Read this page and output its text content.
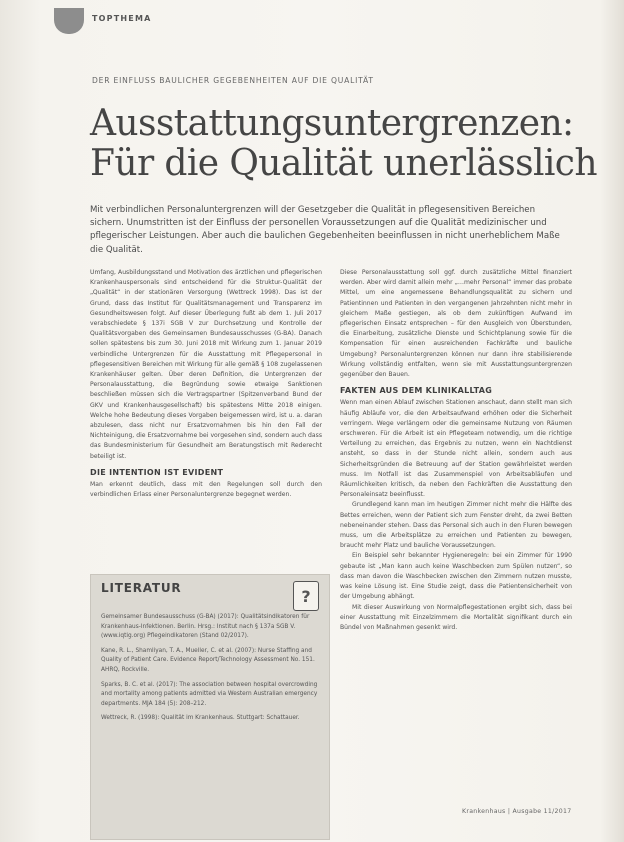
TOPTHEMA
DER EINFLUSS BAULICHER GEGEBENHEITEN AUF DIE QUALITÄT
Ausstattungsuntergrenzen:
Für die Qualität unerlässlich
Mit verbindlichen Personaluntergrenzen will der Gesetzgeber die Qualität in pflegesensitiven Bereichen sichern. Unumstritten ist der Einfluss der personellen Voraussetzungen auf die Qualität medizinischer und pflegerischer Leistungen. Aber auch die baulichen Gegebenheiten beeinflussen in nicht unerheblichem Maße die Qualität.

Umfang, Ausbildungsstand und Motivation des ärztlichen und pflegerischen Krankenhauspersonals sind entscheidend für die Struktur-Qualität der „Qualität“ in der stationären Versorgung (Wettreck 1998). Das ist der Grund, dass das Institut für Qualitätsmanagement und Transparenz im Gesundheitswesen folgt. Auf dieser Überlegung fußt ab dem 1. Juli 2017 verabschiedete § 137i SGB V zur Durchsetzung und Kontrolle der Qualitätsvorgaben des Gemeinsamen Bundesausschusses (G-BA). Danach sollen spätestens bis zum 30. Juni 2018 mit Wirkung zum 1. Januar 2019 verbindliche Untergrenzen für die Ausstattung mit Pflegepersonal in pflegesensitiven Bereichen mit Wirkung für alle gemäß § 108 zugelassenen Krankenhäuser gelten. Über deren Definition, die Untergrenzen der Personalausstattung, die Begründung sowie etwaige Sanktionen beschließen müssen sich die Vertragspartner (Spitzenverband Bund der GKV und Krankenhausgesellschaft) bis spätestens Mitte 2018 einigen. Welche hohe Bedeutung dieses Vorgaben beigemessen wird, ist u. a. daran abzulesen, dass nicht nur Ersatzvornahmen bis hin den Fall der Nichteinigung, die Ersatzvornahme bei vorgesehen sind, sondern auch dass das Bundesministerium für Gesundheit am Beratungstisch mit Rederecht beteiligt ist.

DIE INTENTION IST EVIDENT

Man erkennt deutlich, dass mit den Regelungen soll durch den verbindlichen Erlass einer Personaluntergrenze begegnet werden.

Diese Personalausstattung soll ggf. durch zusätzliche Mittel finanziert werden. Aber wird damit allein mehr „…mehr Personal“ immer das probate Mittel, um eine angemessene Behandlungsqualität zu sichern und Patientinnen und Patienten in den vergangenen Jahrzehnten nicht mehr in gleichem Maße gestiegen, als ob dem zukünftigen Aufwand im pflegerischen Einsatz entsprechen – für den Ausgleich von Überstunden, die Einarbeitung, zusätzliche Dienste und Schichtplanung sowie für die Kompensation für einen ausreichenden Fachkräfte und bauliche Umgebung? Personaluntergrenzen können nur dann ihre stabilisierende Wirkung vollständig entfalten, wenn sie mit Ausstattungsuntergrenzen gegenüber den Bauen.

FAKTEN AUS DEM KLINIKALLTAG

Wenn man einen Ablauf zwischen Stationen anschaut, dann stellt man sich häufig Abläufe vor, die den Arbeitsaufwand erhöhen oder die Sicherheit verringern. Wege verlängern oder die gemeinsame Nutzung von Räumen erschweren. Für die Arbeit ist ein Pflegeteam notwendig, um die richtige Verteilung zu erreichen, das Ergebnis zu nutzen, wenn ein Nachtdienst ansteht, so dass in der Stunde nicht allein, sondern auch aus Sicherheitsgründen die Betreuung auf der Station gewährleistet werden muss. Im Notfall ist das Zusammenspiel von Arbeitsabläufen und Räumlichkeiten kritisch, da neben den Fachkräften die Ausstattung den Personaleinsatz beeinflusst.

Grundlegend kann man im heutigen Zimmer nicht mehr die Hälfte des Bettes erreichen, wenn der Patient sich zum Fenster dreht, da zwei Betten nebeneinander stehen. Dass das Personal sich auch in den Fluren bewegen muss, um die Arbeitsplätze zu erreichen und Patienten zu bewegen, braucht mehr Platz und bauliche Voraussetzungen.

Ein Beispiel sehr bekannter Hygieneregeln: bei ein Zimmer für 1990 gebaute ist „Man kann auch keine Waschbecken zum Spülen nutzen“, so dass man davon die Waschbecken zwischen den Zimmern nutzen musste, was keine Lösung ist. Eine Studie zeigt, dass die Patientensicherheit von der Umgebung abhängt.

Mit dieser Auswirkung von Normalpflegestationen ergibt sich, dass bei einer Ausstattung mit Einzelzimmern die Mortalität signifikant durch ein Bündel von Maßnahmen gesenkt wird.

LITERATUR	?
Gemeinsamer Bundesausschuss (G-BA) (2017): Qualitätsindikatoren für Krankenhaus-Infektionen. Berlin. Hrsg.: Institut nach § 137a SGB V. (www.iqtig.org) Pflegeindikatoren (Stand 02/2017).
Kane, R. L., Shamliyan, T. A., Mueller, C. et al. (2007): Nurse Staffing and Quality of Patient Care. Evidence Report/Technology Assessment No. 151. AHRQ, Rockville.
Sparks, B. C. et al. (2017): The association between hospital overcrowding and mortality among patients admitted via Western Australian emergency departments. MJA 184 (5): 208–212.
Wettreck, R. (1998): Qualität im Krankenhaus. Stuttgart: Schattauer.
Krankenhaus | Ausgabe 11/2017
